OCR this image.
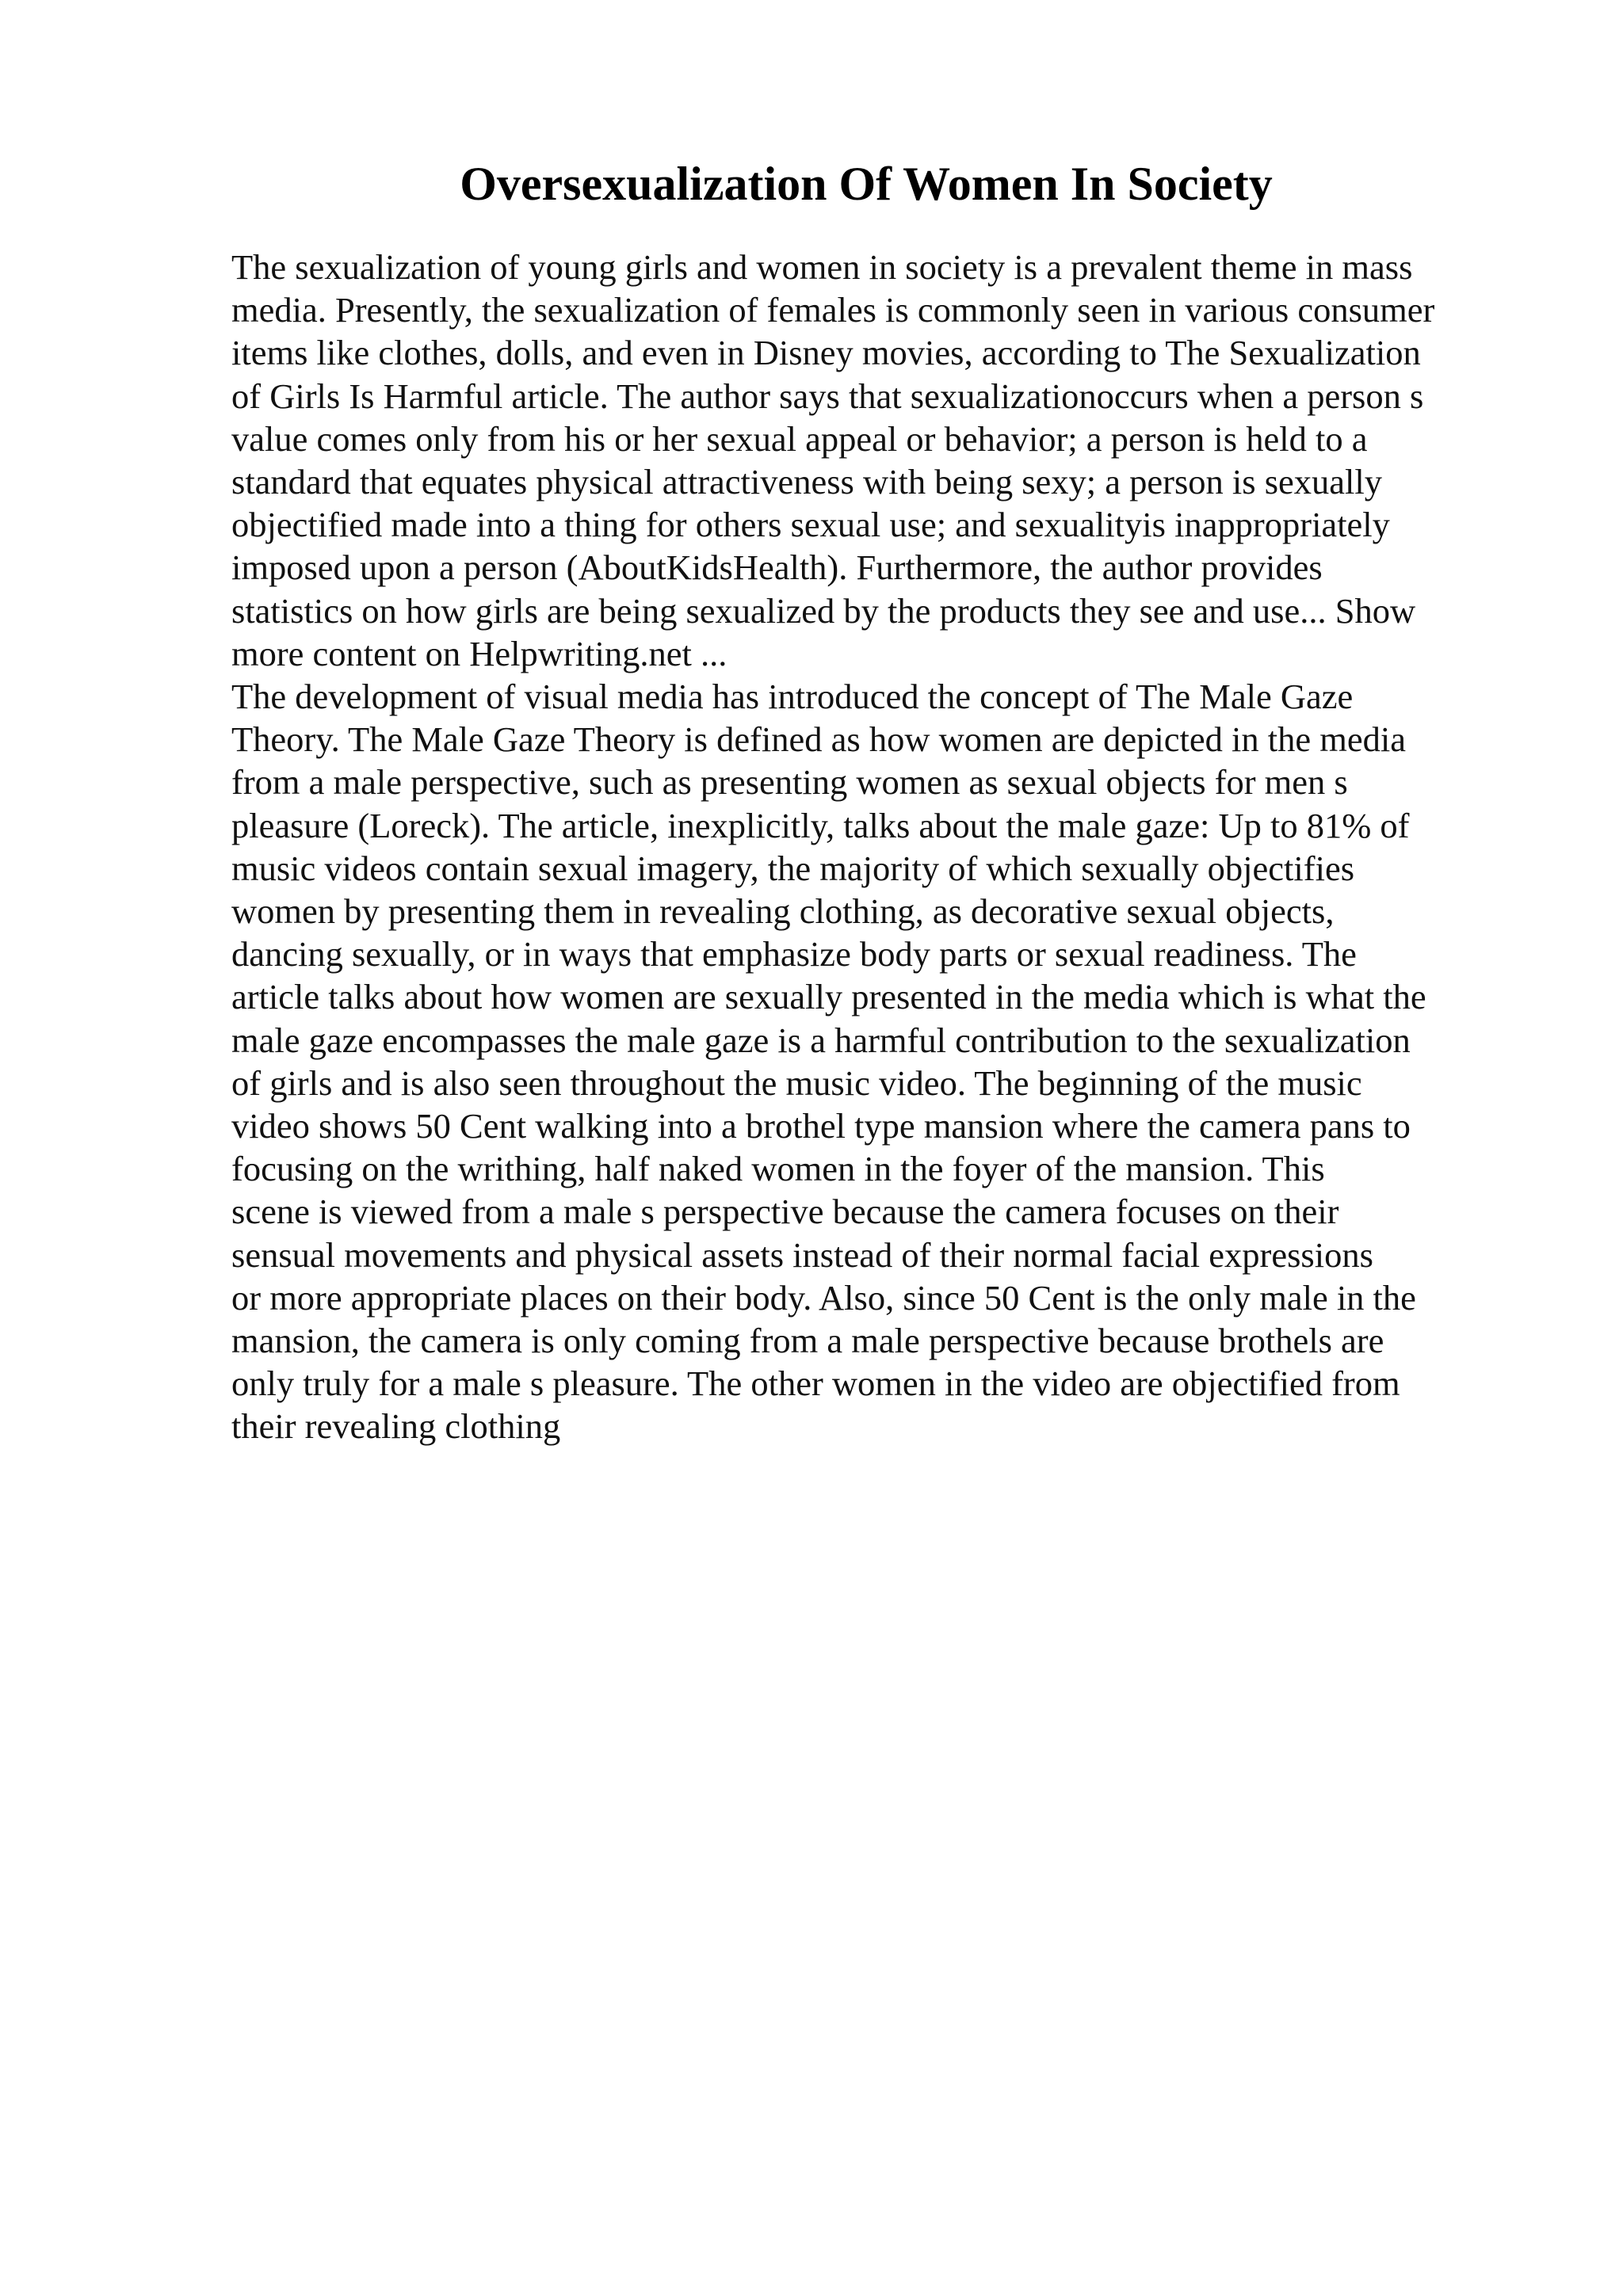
Oversexualization Of Women In Society

The sexualization of young girls and women in society is a prevalent theme in mass
media. Presently, the sexualization of females is commonly seen in various consumer
items like clothes, dolls, and even in Disney movies, according to The Sexualization
of Girls Is Harmful article. The author says that sexualizationoccurs when a person s
value comes only from his or her sexual appeal or behavior; a person is held to a
standard that equates physical attractiveness with being sexy; a person is sexually
objectified made into a thing for others sexual use; and sexualityis inappropriately
imposed upon a person (AboutKidsHealth). Furthermore, the author provides
statistics on how girls are being sexualized by the products they see and use... Show
more content on Helpwriting.net ...

The development of visual media has introduced the concept of The Male Gaze
Theory. The Male Gaze Theory is defined as how women are depicted in the media
from a male perspective, such as presenting women as sexual objects for men s
pleasure (Loreck). The article, inexplicitly, talks about the male gaze: Up to 81% of
music videos contain sexual imagery, the majority of which sexually objectifies
women by presenting them in revealing clothing, as decorative sexual objects,
dancing sexually, or in ways that emphasize body parts or sexual readiness. The
article talks about how women are sexually presented in the media which is what the
male gaze encompasses the male gaze is a harmful contribution to the sexualization
of girls and is also seen throughout the music video. The beginning of the music
video shows 50 Cent walking into a brothel type mansion where the camera pans to
focusing on the writhing, half naked women in the foyer of the mansion. This
scene is viewed from a male s perspective because the camera focuses on their
sensual movements and physical assets instead of their normal facial expressions
or more appropriate places on their body. Also, since 50 Cent is the only male in the
mansion, the camera is only coming from a male perspective because brothels are
only truly for a male s pleasure. The other women in the video are objectified from
their revealing clothing
